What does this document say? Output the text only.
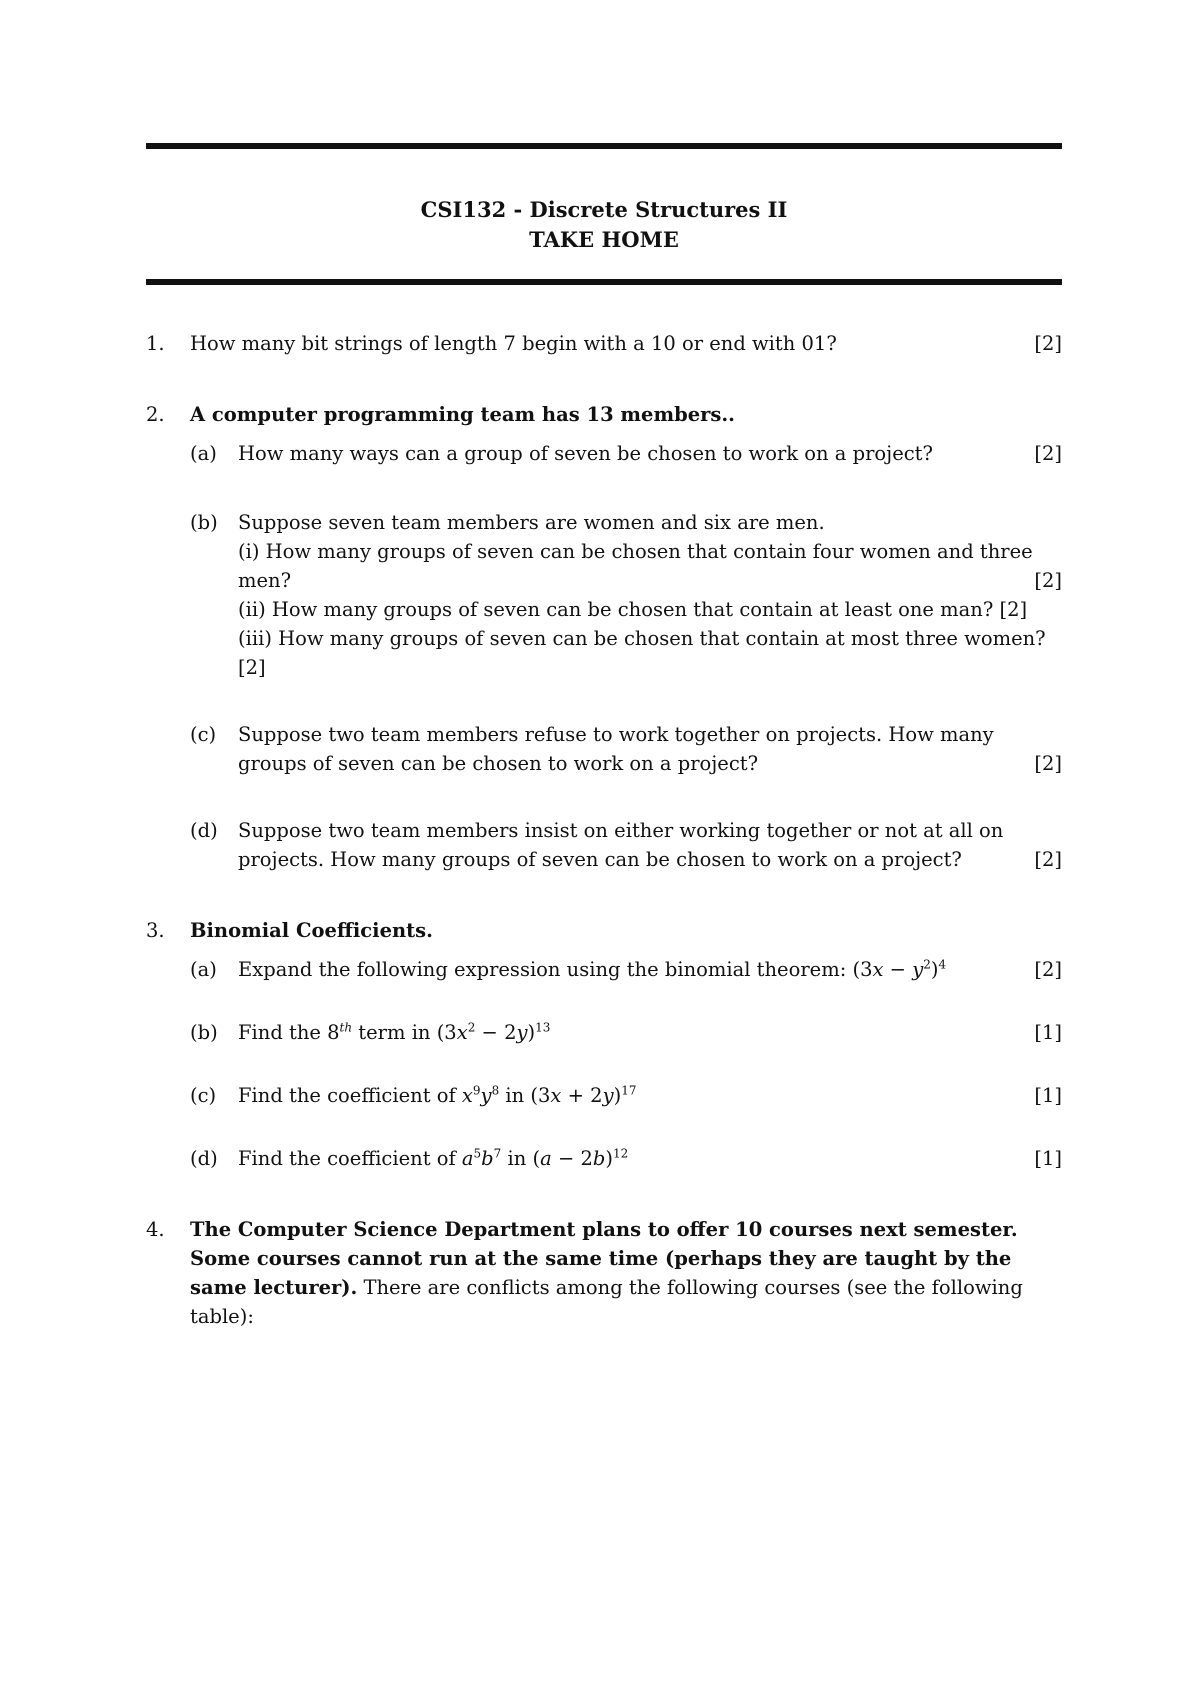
CSI132 - Discrete Structures II
TAKE HOME
1.	How many bit strings of length 7 begin with a 10 or end with 01?	[2]
2.	A computer programming team has 13 members..
(a) How many ways can a group of seven be chosen to work on a project?	[2]
(b) Suppose seven team members are women and six are men.
(i) How many groups of seven can be chosen that contain four women and three
men?	[2]
(ii) How many groups of seven can be chosen that contain at least one man? [2]
(iii) How many groups of seven can be chosen that contain at most three women?
[2]
(c) Suppose two team members refuse to work together on projects. How many
groups of seven can be chosen to work on a project?	[2]
(d) Suppose two team members insist on either working together or not at all on
projects. How many groups of seven can be chosen to work on a project?	[2]
3.	Binomial Coefficients.
(a) Expand the following expression using the binomial theorem: $(3x - y^2)^4$	[2]
(b) Find the 8th term in $(3x^2 - 2y)^{13}$	[1]
(c) Find the coefficient of $x^9y^8$ in $(3x + 2y)^{17}$	[1]
(d) Find the coefficient of $a^5b^7$ in $(a - 2b)^{12}$	[1]
4.	The Computer Science Department plans to offer 10 courses next semester.
Some courses cannot run at the same time (perhaps they are taught by the
same lecturer). There are conflicts among the following courses (see the following
table):
